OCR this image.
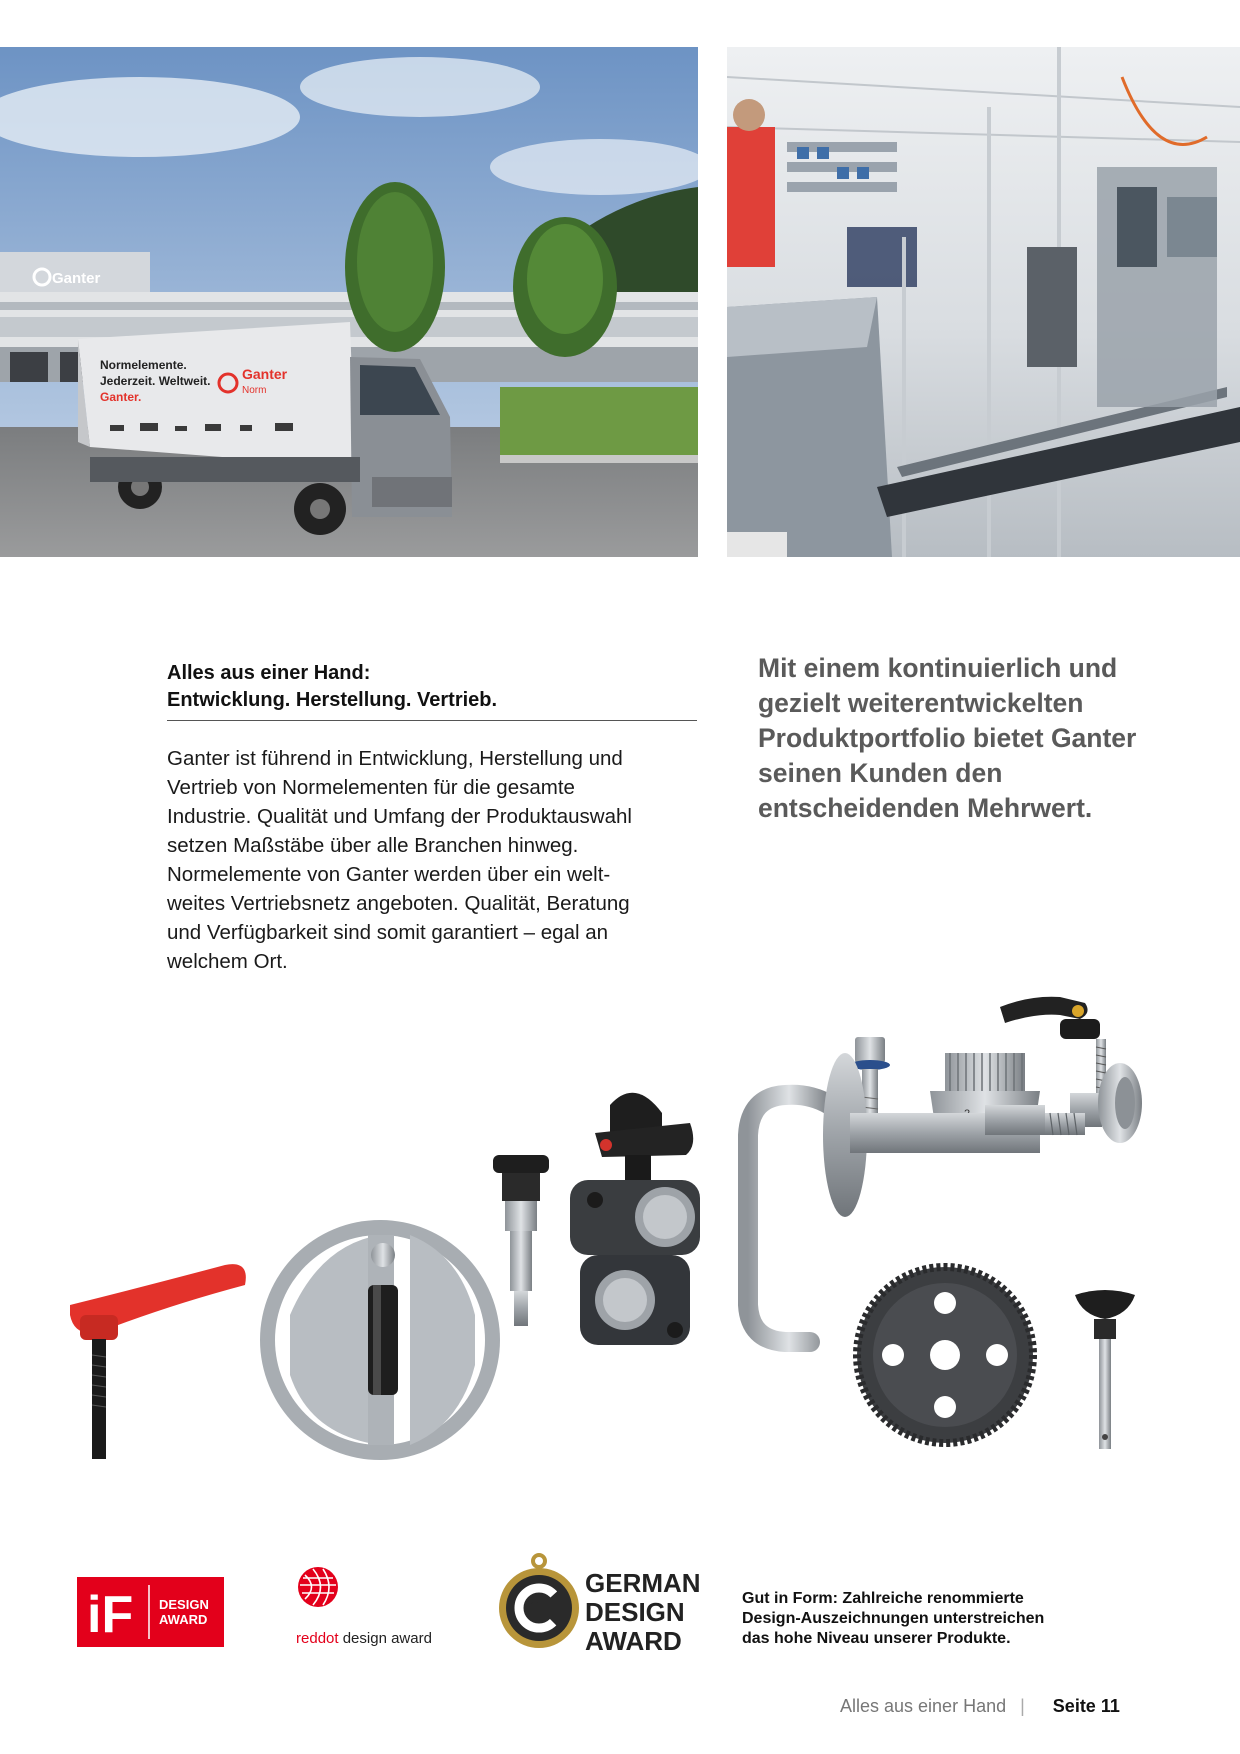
Ganter
Normelemente.
Jederzeit. Weltweit.
Ganter.
Ganter
Norm
Alles aus einer Hand:
Entwicklung. Herstellung. Vertrieb.
Ganter ist führend in Entwicklung, Herstellung und
Vertrieb von Normelementen für die gesamte
Industrie. Qualität und Umfang der Produktauswahl
setzen Maßstäbe über alle Branchen hinweg.
Normelemente von Ganter werden über ein welt-
weites Vertriebsnetz angeboten. Qualität, Beratung
und Verfügbarkeit sind somit garantiert – egal an
welchem Ort.
Mit einem kontinuierlich und
gezielt weiterentwickelten
Produktportfolio bietet Ganter
seinen Kunden den
entscheidenden Mehrwert.
iF DESIGN
AWARD
reddot design award
GERMAN
DESIGN
AWARD
Gut in Form: Zahlreiche renommierte
Design-Auszeichnungen unterstreichen
das hohe Niveau unserer Produkte.
Alles aus einer Hand | Seite 11
